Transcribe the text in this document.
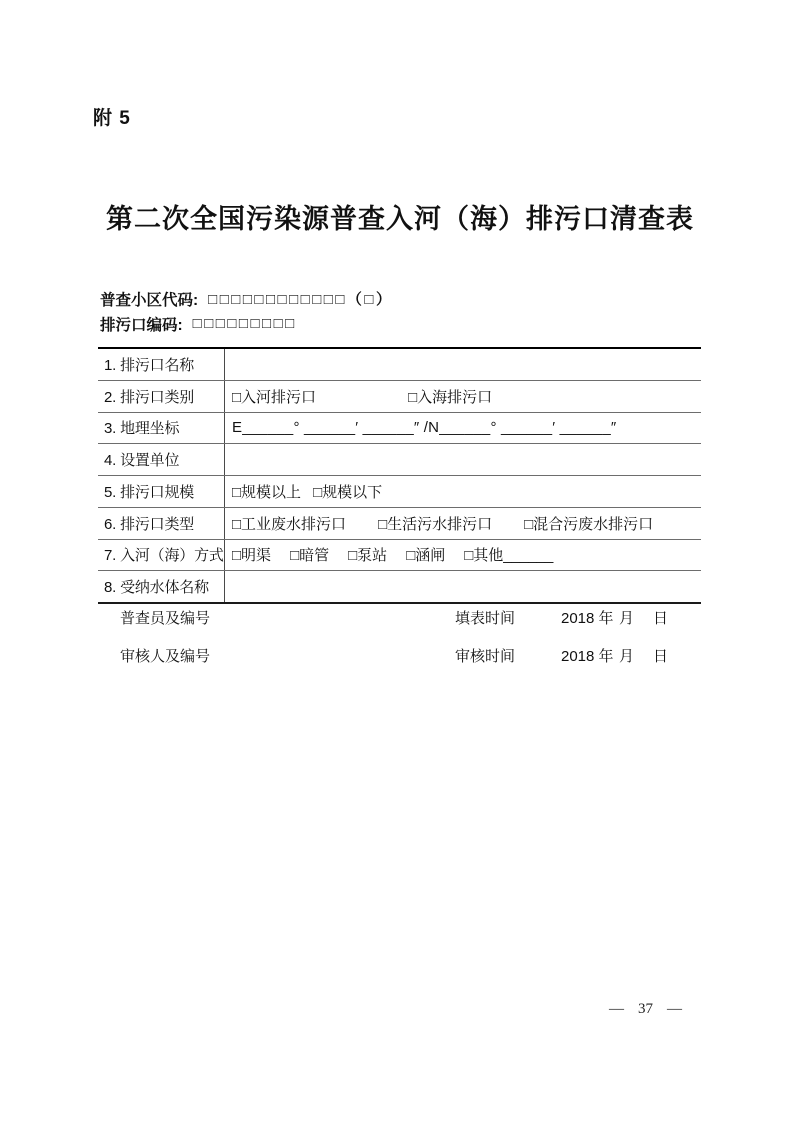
附 5
第二次全国污染源普查入河（海）排污口清查表
普查小区代码: □□□□□□□□□□□□（□）
排污口编码: □□□□□□□□□
1. 排污口名称
2. 排污口类别	□入河排污口	□入海排污口
3. 地理坐标	E______° ______′ ______″ /N______° ______′ ______″
4. 设置单位
5. 排污口规模	□规模以上 □规模以下
6. 排污口类型	□工业废水排污口 □生活污水排污口 □混合污废水排污口
7. 入河（海）方式 □明渠 □暗管 □泵站 □涵闸 □其他______
8. 受纳水体名称
普查员及编号	填表时间	2018 年 月 日
审核人及编号	审核时间	2018 年 月 日
— 37 —
